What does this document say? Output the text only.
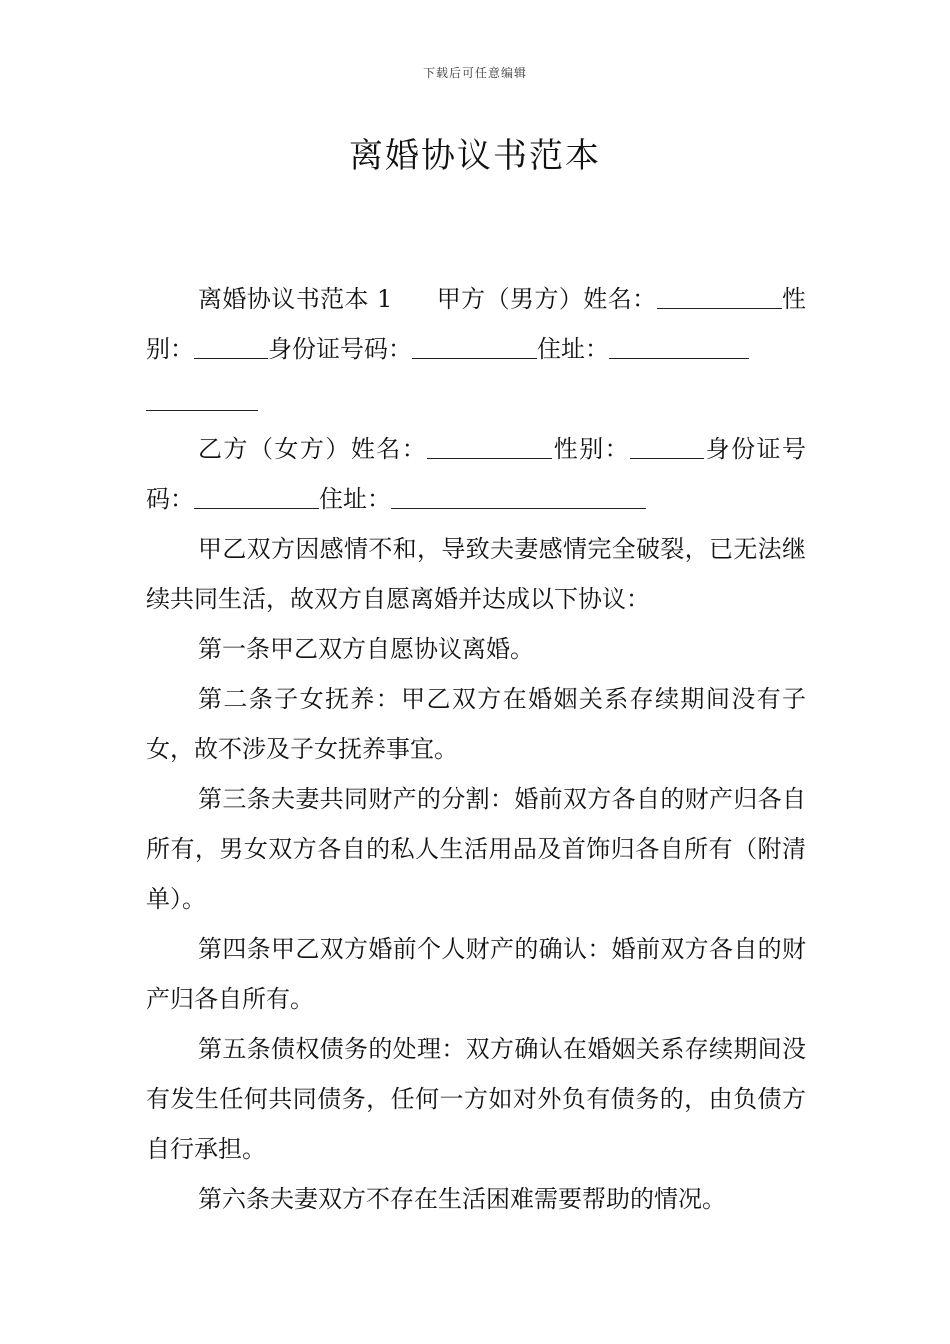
下载后可任意编辑
离婚协议书范本

离婚协议书范本 1 甲方（男方）姓名：	性别：	身份证号码：	住址：

乙方（女方）姓名：	性别：	身份证号码：	住址：

甲乙双方因感情不和，导致夫妻感情完全破裂，已无法继续共同生活，故双方自愿离婚并达成以下协议：

第一条甲乙双方自愿协议离婚。

第二条子女抚养：甲乙双方在婚姻关系存续期间没有子女，故不涉及子女抚养事宜。

第三条夫妻共同财产的分割：婚前双方各自的财产归各自所有，男女双方各自的私人生活用品及首饰归各自所有（附清单）。

第四条甲乙双方婚前个人财产的确认：婚前双方各自的财产归各自所有。

第五条债权债务的处理：双方确认在婚姻关系存续期间没有发生任何共同债务，任何一方如对外负有债务的，由负债方自行承担。

第六条夫妻双方不存在生活困难需要帮助的情况。
